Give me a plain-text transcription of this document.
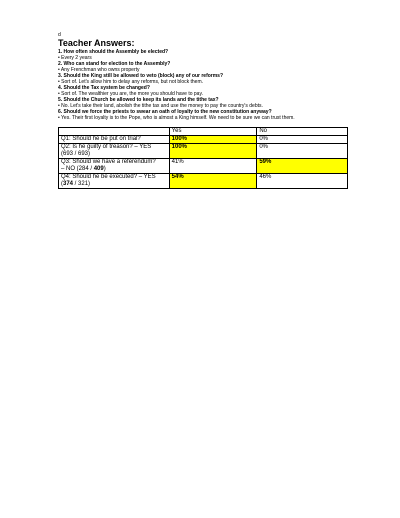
d
Teacher Answers:
1. How often should the Assembly be elected?
• Every 2 years
2. Who can stand for election to the Assembly?
• Any Frenchman who owns property
3. Should the King still be allowed to veto (block) any of our reforms?
• Sort of. Let's allow him to delay any reforms, but not block them.
4. Should the Tax system be changed?
• Sort of. The wealthier you are, the more you should have to pay.
5. Should the Church be allowed to keep its lands and the tithe tax?
• No. Let's take their land, abolish the tithe tax and use the money to pay the country's debts.
6. Should we force the priests to swear an oath of loyalty to the new constitution anyway?
• Yes. Their first loyalty is to the Pope, who is almost a King himself. We need to be sure we can trust them.
	Yes	No

Q1: Should he be put on trial?	100%	0%

Q2: Is he guilty of treason? – YES
(693 / 693)	100%	0%

Q3: Should we have a referendum?
– NO (284 / 409)	41%	59%

Q4: Should he be executed? – YES
(374 / 321)	54%	46%
